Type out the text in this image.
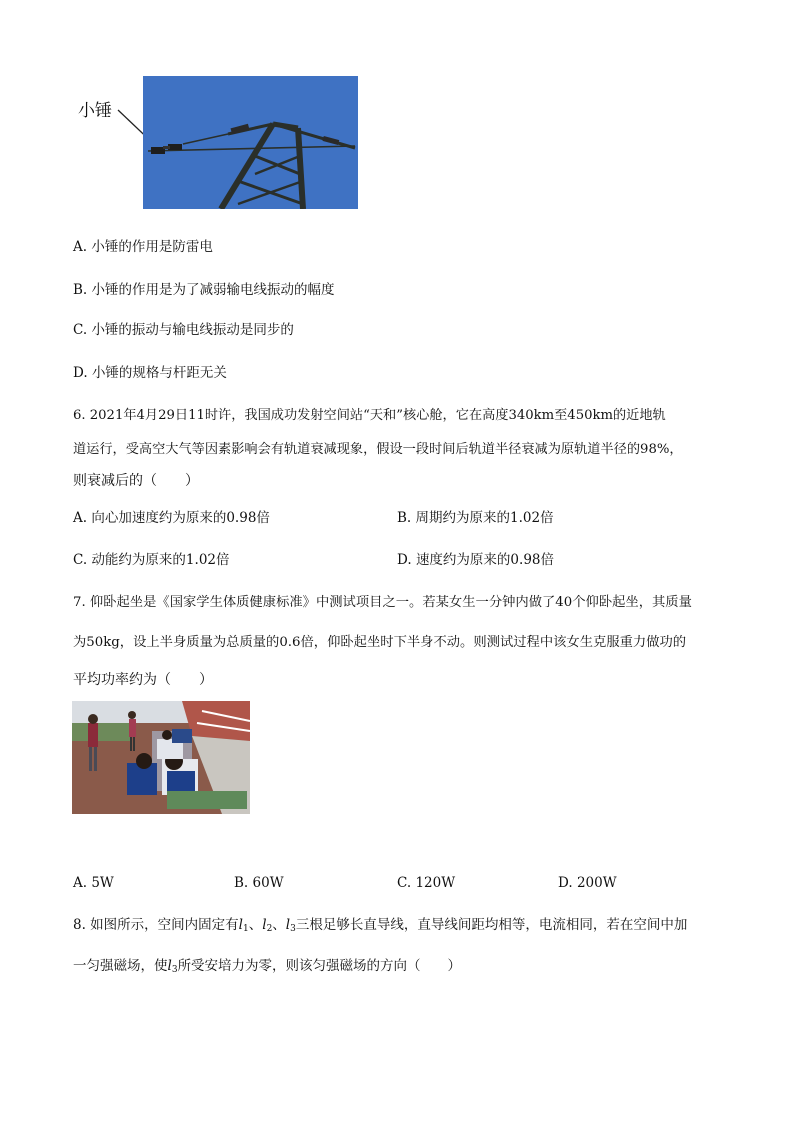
小锤
A. 小锤的作用是防雷电
B. 小锤的作用是为了减弱输电线振动的幅度
C. 小锤的振动与输电线振动是同步的
D. 小锤的规格与杆距无关
6. 2021年4月29日11时许，我国成功发射空间站“天和”核心舱，它在高度340km至450km的近地轨
道运行，受高空大气等因素影响会有轨道衰减现象，假设一段时间后轨道半径衰减为原轨道半径的98%，
则衰减后的（　　）
A. 向心加速度约为原来的0.98倍	B. 周期约为原来的1.02倍
C. 动能约为原来的1.02倍	D. 速度约为原来的0.98倍
7. 仰卧起坐是《国家学生体质健康标准》中测试项目之一。若某女生一分钟内做了40个仰卧起坐，其质量
为50kg，设上半身质量为总质量的0.6倍，仰卧起坐时下半身不动。则测试过程中该女生克服重力做功的
平均功率约为（　　）
A. 5W	B. 60W	C. 120W	D. 200W
8. 如图所示，空间内固定有$l_1$、$l_2$、$l_3$三根足够长直导线，直导线间距均相等，电流相同，若在空间中加
一匀强磁场，使$l_3$所受安培力为零，则该匀强磁场的方向（　　）
